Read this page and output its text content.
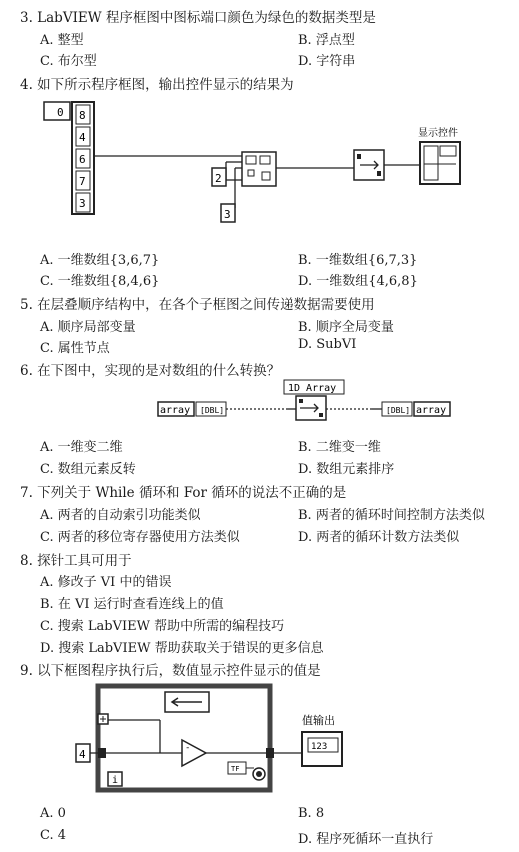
3. LabVIEW 程序框图中图标端口颜色为绿色的数据类型是
A. 整型	B. 浮点型
C. 布尔型	D. 字符串
4. 如下所示程序框图，输出控件显示的结果为
0 8
4
6
7
3
2
3
显示控件
A. 一维数组{3,6,7}	B. 一维数组{6,7,3}
C. 一维数组{8,4,6}	D. 一维数组{4,6,8}
5. 在层叠顺序结构中，在各个子框图之间传递数据需要使用
A. 顺序局部变量	B. 顺序全局变量
C. 属性节点	D. SubVI
6. 在下图中，实现的是对数组的什么转换？
array [DBL]
1D Array
[DBL] array
A. 一维变二维	B. 二维变一维
C. 数组元素反转	D. 数组元素排序
7. 下列关于 While 循环和 For 循环的说法不正确的是
A. 两者的自动索引功能类似	B. 两者的循环时间控制方法类似
C. 两者的移位寄存器使用方法类似	D. 两者的循环计数方法类似
8. 探针工具可用于
A. 修改子 VI 中的错误
B. 在 VI 运行时查看连线上的值
C. 搜索 LabVIEW 帮助中所需的编程技巧
D. 搜索 LabVIEW 帮助获取关于错误的更多信息
9. 以下框图程序执行后，数值显示控件显示的值是
4	-
i
TF
值输出
123
A. 0	B. 8
C. 4	D. 程序死循环一直执行
